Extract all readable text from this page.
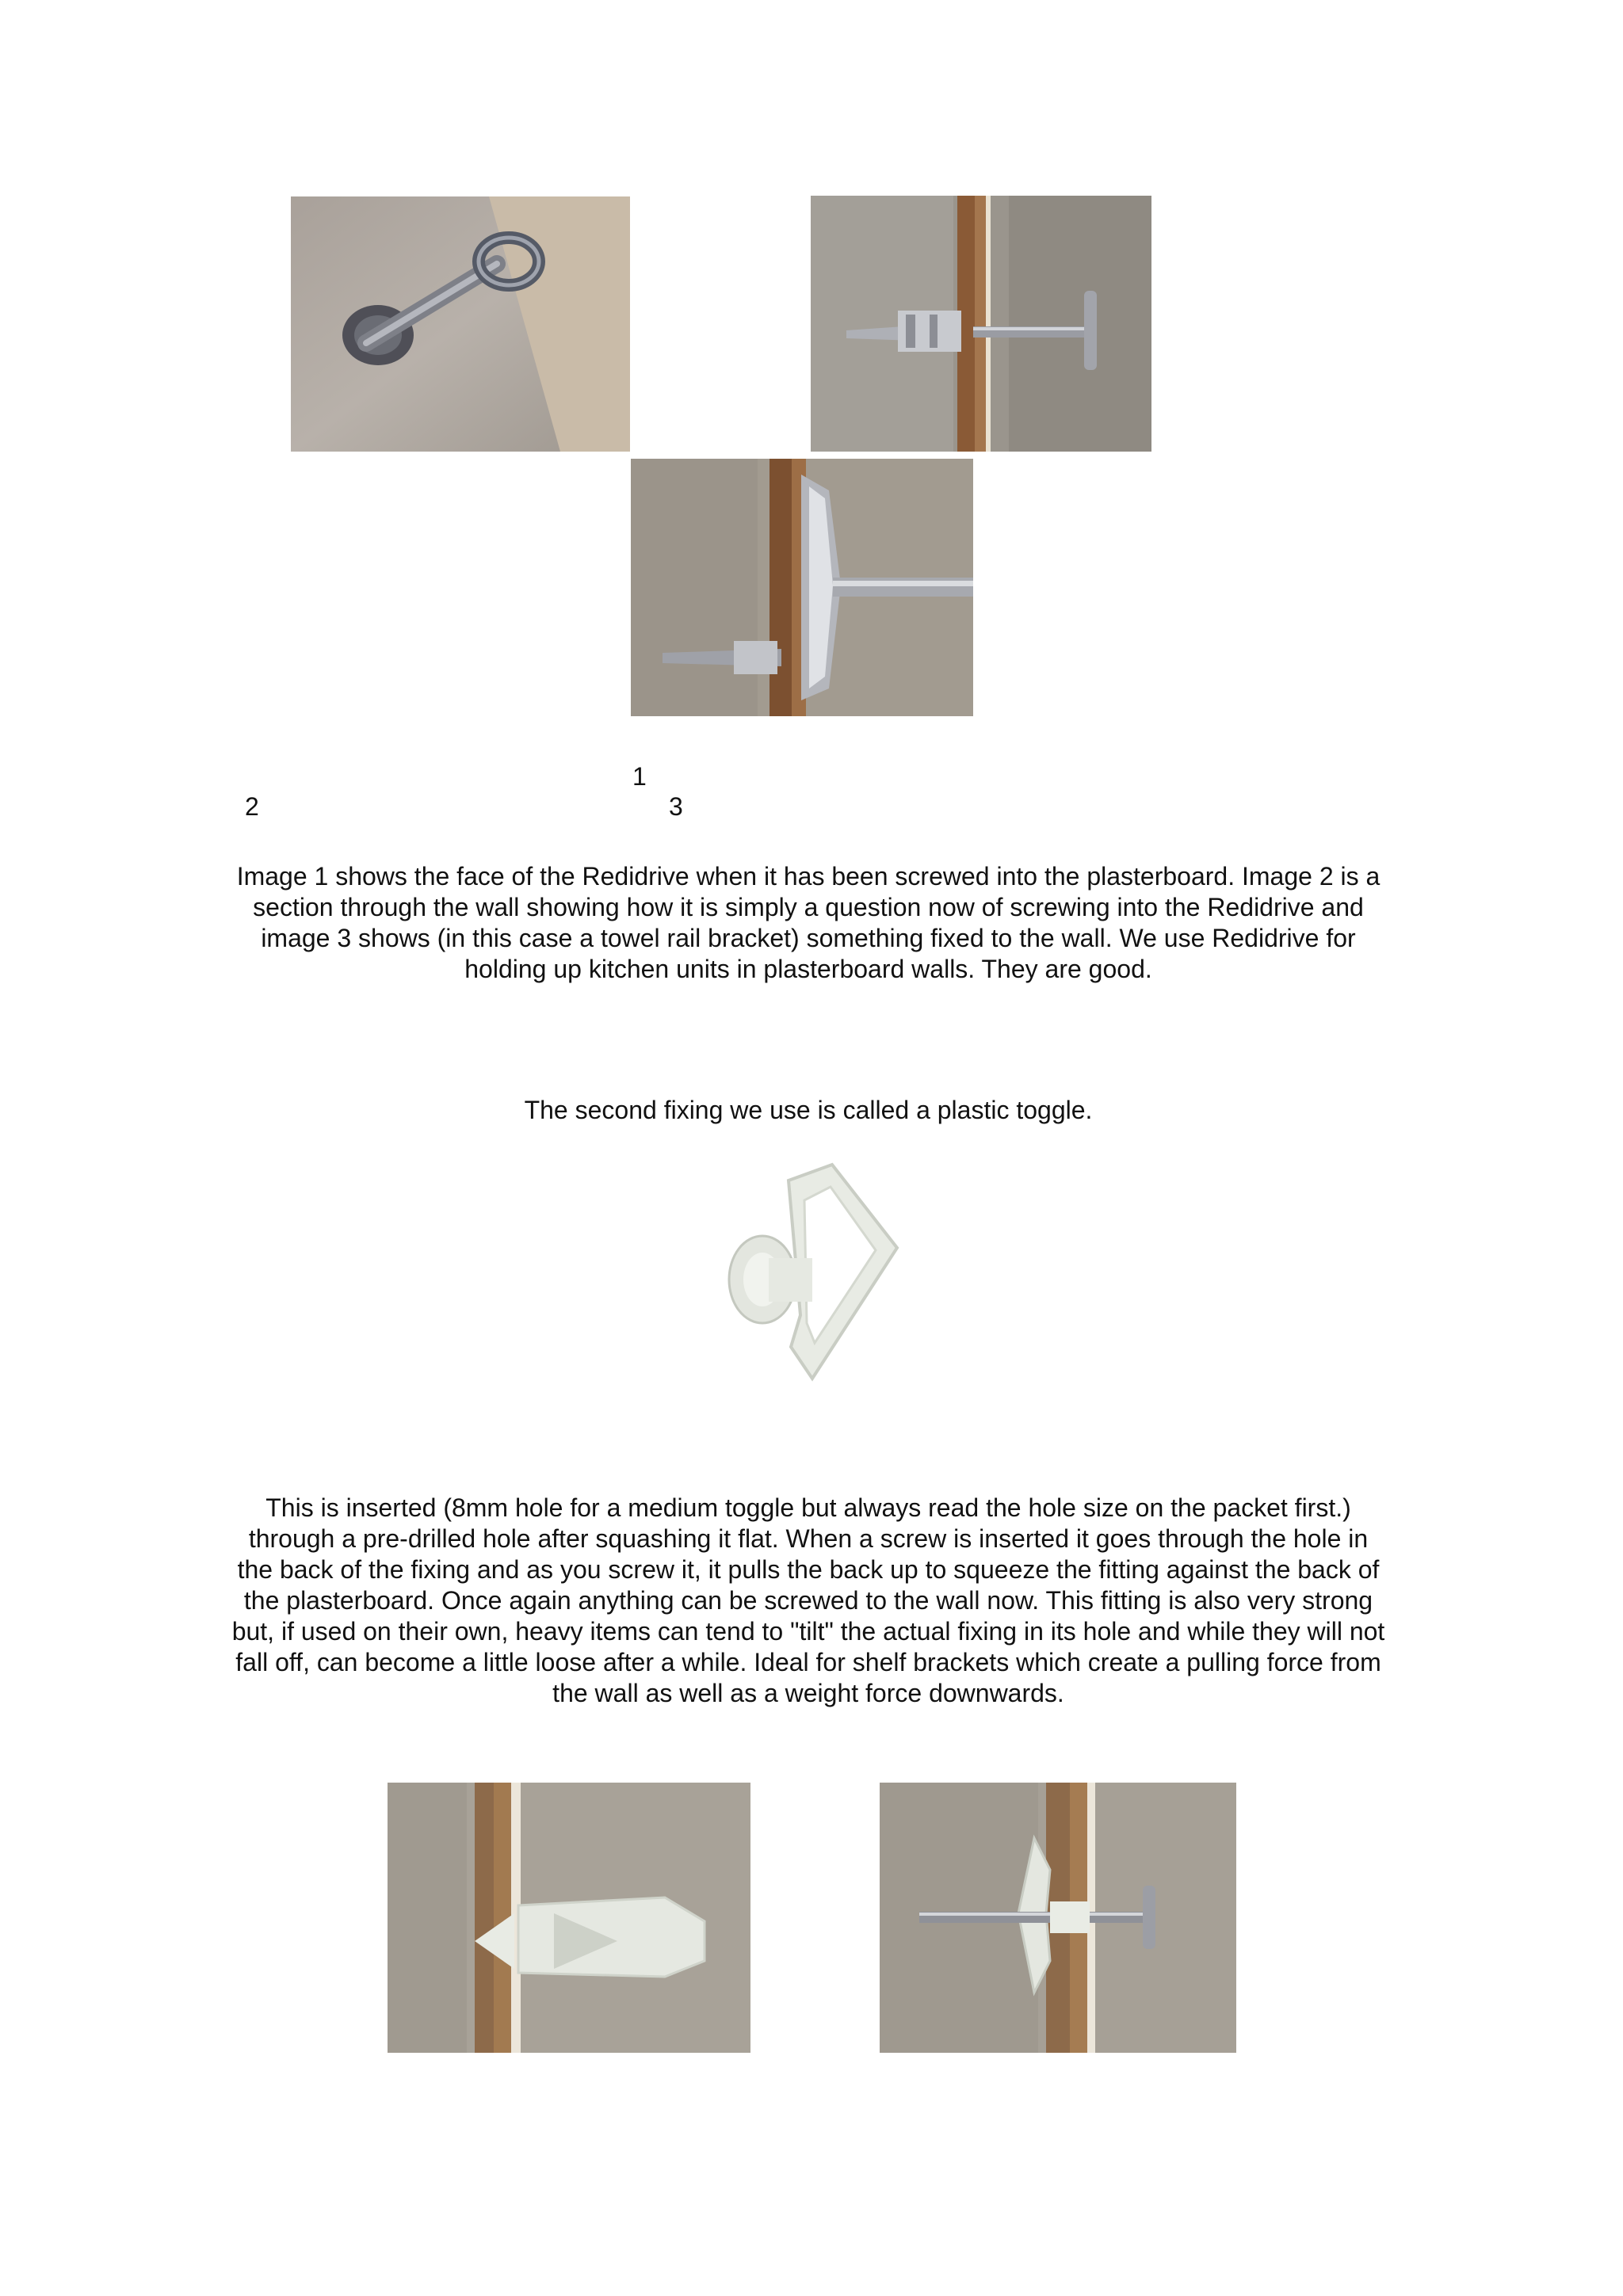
1
2	3

Image 1 shows the face of the Redidrive when it has been screwed into the plasterboard. Image 2 is a section through the wall showing how it is simply a question now of screwing into the Redidrive and image 3 shows (in this case a towel rail bracket) something fixed to the wall. We use Redidrive for holding up kitchen units in plasterboard walls. They are good.

The second fixing we use is called a plastic toggle.

This is inserted (8mm hole for a medium toggle but always read the hole size on the packet first.) through a pre-drilled hole after squashing it flat. When a screw is inserted it goes through the hole in the back of the fixing and as you screw it, it pulls the back up to squeeze the fitting against the back of the plasterboard. Once again anything can be screwed to the wall now. This fitting is also very strong but, if used on their own, heavy items can tend to "tilt" the actual fixing in its hole and while they will not fall off, can become a little loose after a while. Ideal for shelf brackets which create a pulling force from the wall as well as a weight force downwards.
